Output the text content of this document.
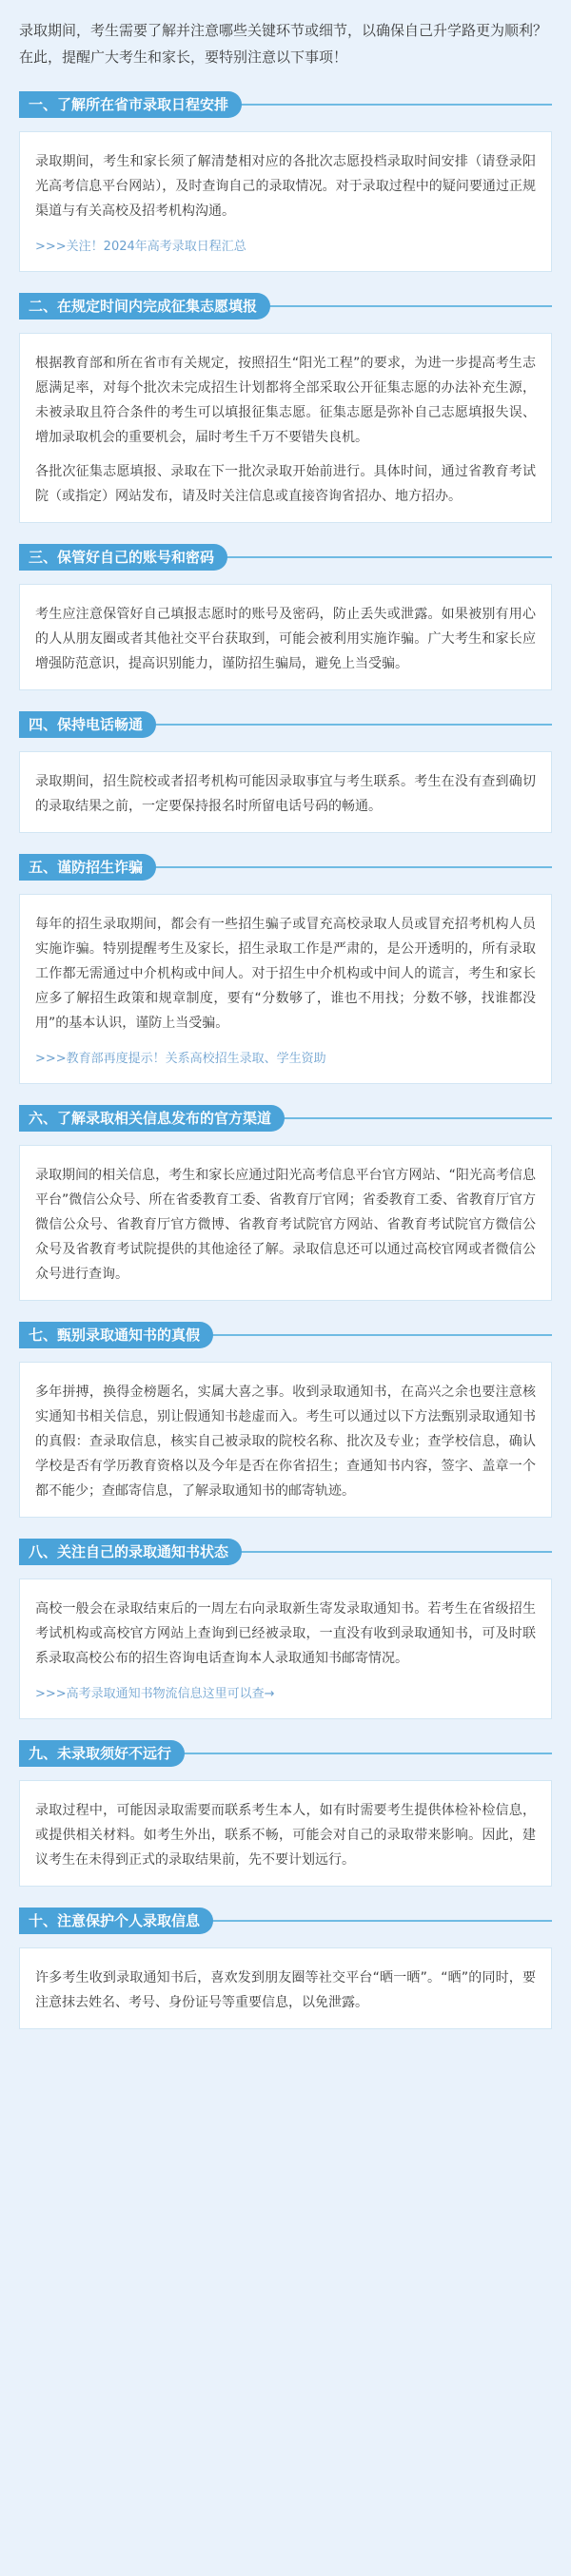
录取期间，考生需要了解并注意哪些关键环节或细节，以确保自己升学路更为顺利？在此，提醒广大考生和家长，要特别注意以下事项！
一、了解所在省市录取日程安排

录取期间，考生和家长须了解清楚相对应的各批次志愿投档录取时间安排（请登录阳光高考信息平台网站），及时查询自己的录取情况。对于录取过程中的疑问要通过正规渠道与有关高校及招考机构沟通。

>>>关注！2024年高考录取日程汇总
二、在规定时间内完成征集志愿填报

根据教育部和所在省市有关规定，按照招生“阳光工程”的要求，为进一步提高考生志愿满足率，对每个批次未完成招生计划都将全部采取公开征集志愿的办法补充生源，未被录取且符合条件的考生可以填报征集志愿。征集志愿是弥补自己志愿填报失误、增加录取机会的重要机会，届时考生千万不要错失良机。

各批次征集志愿填报、录取在下一批次录取开始前进行。具体时间，通过省教育考试院（或指定）网站发布，请及时关注信息或直接咨询省招办、地方招办。

三、保管好自己的账号和密码

考生应注意保管好自己填报志愿时的账号及密码，防止丢失或泄露。如果被别有用心的人从朋友圈或者其他社交平台获取到，可能会被利用实施诈骗。广大考生和家长应增强防范意识，提高识别能力，谨防招生骗局，避免上当受骗。

四、保持电话畅通

录取期间，招生院校或者招考机构可能因录取事宜与考生联系。考生在没有查到确切的录取结果之前，一定要保持报名时所留电话号码的畅通。

五、谨防招生诈骗

每年的招生录取期间，都会有一些招生骗子或冒充高校录取人员或冒充招考机构人员实施诈骗。特别提醒考生及家长，招生录取工作是严肃的，是公开透明的，所有录取工作都无需通过中介机构或中间人。对于招生中介机构或中间人的谎言，考生和家长应多了解招生政策和规章制度，要有“分数够了，谁也不用找；分数不够，找谁都没用”的基本认识，谨防上当受骗。

>>>教育部再度提示！关系高校招生录取、学生资助
六、了解录取相关信息发布的官方渠道

录取期间的相关信息，考生和家长应通过阳光高考信息平台官方网站、“阳光高考信息平台”微信公众号、所在省委教育工委、省教育厅官网；省委教育工委、省教育厅官方微信公众号、省教育厅官方微博、省教育考试院官方网站、省教育考试院官方微信公众号及省教育考试院提供的其他途径了解。录取信息还可以通过高校官网或者微信公众号进行查询。

七、甄别录取通知书的真假

多年拼搏，换得金榜题名，实属大喜之事。收到录取通知书，在高兴之余也要注意核实通知书相关信息，别让假通知书趁虚而入。考生可以通过以下方法甄别录取通知书的真假：查录取信息，核实自己被录取的院校名称、批次及专业；查学校信息，确认学校是否有学历教育资格以及今年是否在你省招生；查通知书内容，签字、盖章一个都不能少；查邮寄信息，了解录取通知书的邮寄轨迹。

八、关注自己的录取通知书状态

高校一般会在录取结束后的一周左右向录取新生寄发录取通知书。若考生在省级招生考试机构或高校官方网站上查询到已经被录取，一直没有收到录取通知书，可及时联系录取高校公布的招生咨询电话查询本人录取通知书邮寄情况。

>>>高考录取通知书物流信息这里可以查→
九、未录取须好不远行

录取过程中，可能因录取需要而联系考生本人，如有时需要考生提供体检补检信息，或提供相关材料。如考生外出，联系不畅，可能会对自己的录取带来影响。因此，建议考生在未得到正式的录取结果前，先不要计划远行。

十、注意保护个人录取信息

许多考生收到录取通知书后，喜欢发到朋友圈等社交平台“晒一晒”。“晒”的同时，要注意抹去姓名、考号、身份证号等重要信息，以免泄露。
